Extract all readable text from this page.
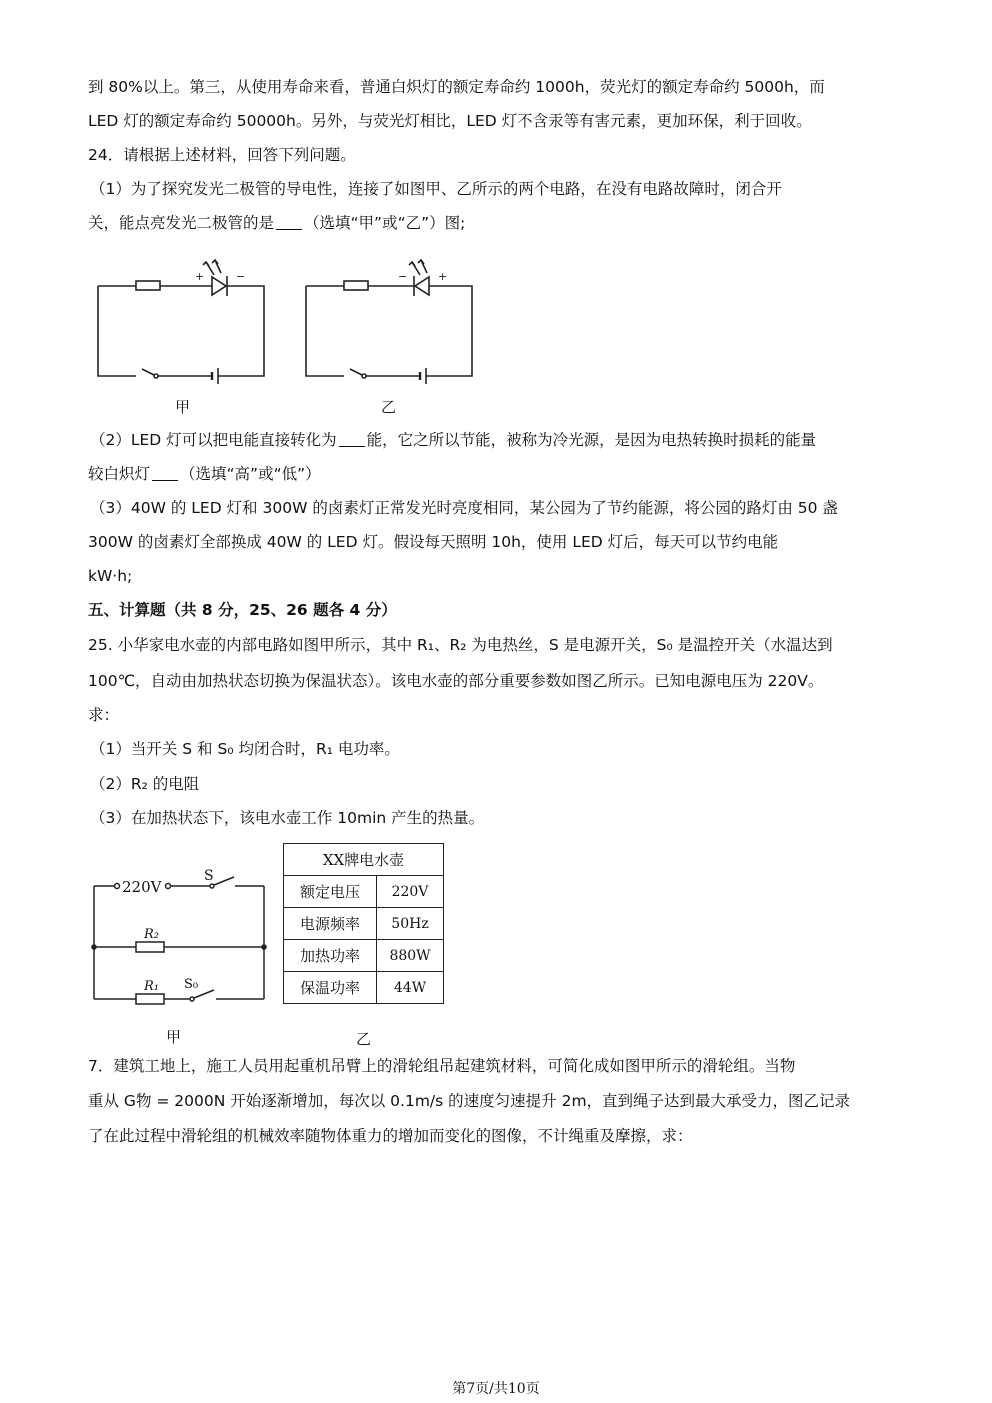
到 80%以上。第三，从使用寿命来看，普通白炽灯的额定寿命约 1000h，荧光灯的额定寿命约 5000h，而
LED 灯的额定寿命约 50000h。另外，与荧光灯相比，LED 灯不含汞等有害元素，更加环保，利于回收。
24．请根据上述材料，回答下列问题。
（1）为了探究发光二极管的导电性，连接了如图甲、乙所示的两个电路，在没有电路故障时，闭合开
关，能点亮发光二极管的是 （选填“甲”或“乙”）图;
+	−
甲
−	+
乙
（2）LED 灯可以把电能直接转化为 能，它之所以节能，被称为冷光源，是因为电热转换时损耗的能量
较白炽灯 （选填“高”或“低”）
（3）40W 的 LED 灯和 300W 的卤素灯正常发光时亮度相同，某公园为了节约能源，将公园的路灯由 50 盏
300W 的卤素灯全部换成 40W 的 LED 灯。假设每天照明 10h，使用 LED 灯后，每天可以节约电能
kW·h;
五、计算题（共 8 分，25、26 题各 4 分）
25. 小华家电水壶的内部电路如图甲所示，其中 R₁、R₂ 为电热丝，S 是电源开关，S₀ 是温控开关（水温达到
100℃，自动由加热状态切换为保温状态）。该电水壶的部分重要参数如图乙所示。已知电源电压为 220V。
求：
（1）当开关 S 和 S₀ 均闭合时，R₁ 电功率。
（2）R₂ 的电阻
（3）在加热状态下，该电水壶工作 10min 产生的热量。
220V
S
R₂
R₁ S₀
甲
XX牌电水壶	
额定电压	220V
电源频率	50Hz
加热功率	880W
保温功率	44W
乙
7．建筑工地上，施工人员用起重机吊臂上的滑轮组吊起建筑材料，可简化成如图甲所示的滑轮组。当物
重从 G物 = 2000N 开始逐渐增加，每次以 0.1m/s 的速度匀速提升 2m，直到绳子达到最大承受力，图乙记录
了在此过程中滑轮组的机械效率随物体重力的增加而变化的图像，不计绳重及摩擦，求：
第7页/共10页
